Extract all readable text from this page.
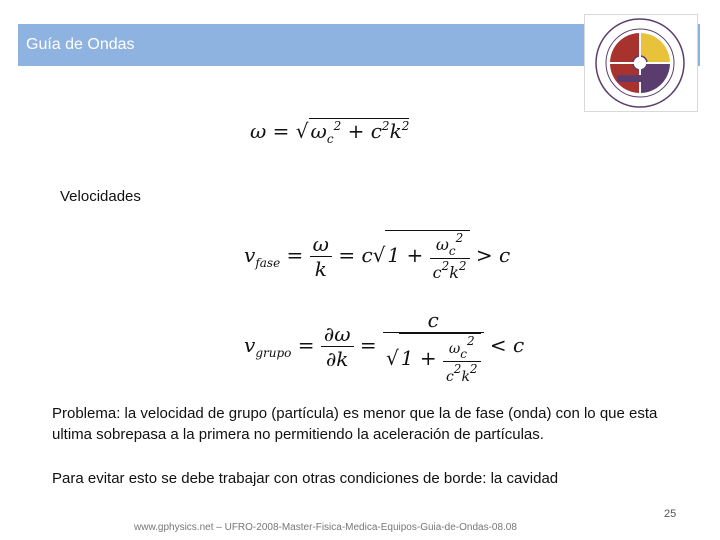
Guía de Ondas
ω = √ $\omega_c^2 + c^2k^2$
Velocidades
$v_{fase} = \frac{\omega}{k} = c√$ $1 + \frac{\omega_c^2}{c^2k^2} > c$
$v_{grupo} = \frac{\partial\omega}{\partial k} = \frac{c}{√ 1 + \frac{\omega c2}{c2k2}} < c$
Problema: la velocidad de grupo (partícula) es menor que la de fase (onda) con lo que esta ultima sobrepasa a la primera no permitiendo la aceleración de partículas.
Para evitar esto se debe trabajar con otras condiciones de borde: la cavidad
25
www.gphysics.net – UFRO-2008-Master-Fisica-Medica-Equipos-Guia-de-Ondas-08.08
